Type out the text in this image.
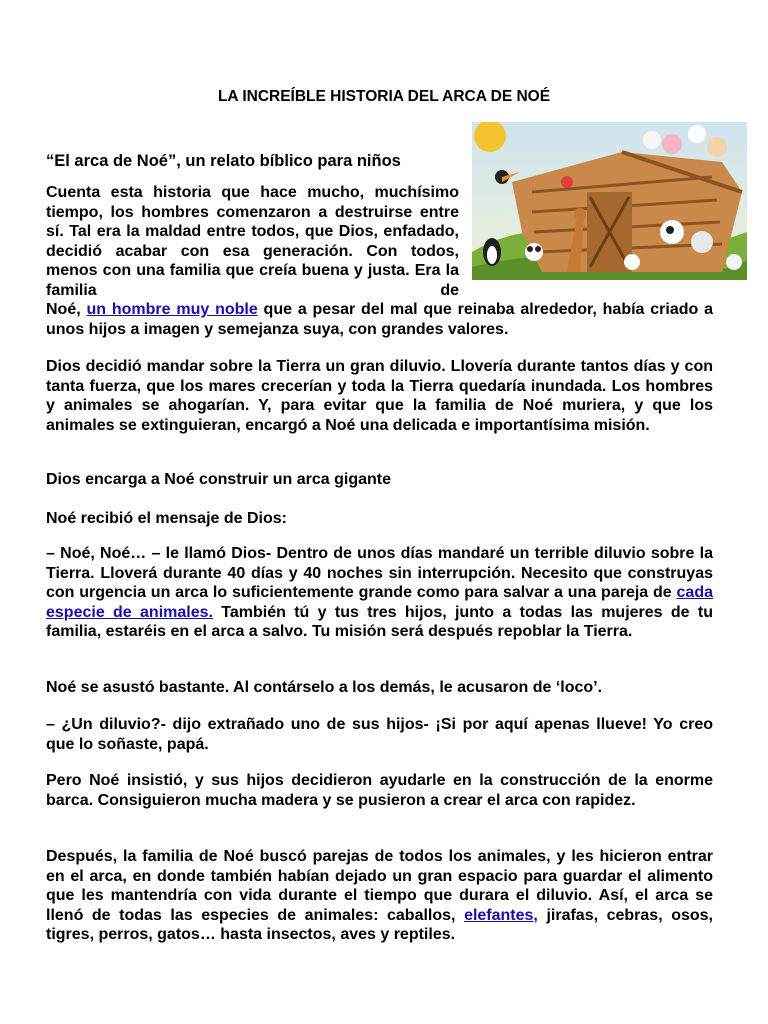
LA INCREÍBLE HISTORIA DEL ARCA DE NOÉ
“El arca de Noé”, un relato bíblico para niños

Cuenta esta historia que hace mucho, muchísimo tiempo, los hombres comenzaron a destruirse entre sí. Tal era la maldad entre todos, que Dios, enfadado, decidió acabar con esa generación. Con todos, menos con una familia que creía buena y justa. Era la familia de

Noé, un hombre muy noble que a pesar del mal que reinaba alrededor, había criado a unos hijos a imagen y semejanza suya, con grandes valores.

Dios decidió mandar sobre la Tierra un gran diluvio. Llovería durante tantos días y con tanta fuerza, que los mares crecerían y toda la Tierra quedaría inundada. Los hombres y animales se ahogarían. Y, para evitar que la familia de Noé muriera, y que los animales se extinguieran, encargó a Noé una delicada e importantísima misión.

Dios encarga a Noé construir un arca gigante

Noé recibió el mensaje de Dios:

– Noé, Noé… – le llamó Dios- Dentro de unos días mandaré un terrible diluvio sobre la Tierra. Lloverá durante 40 días y 40 noches sin interrupción. Necesito que construyas con urgencia un arca lo suficientemente grande como para salvar a una pareja de cada especie de animales. También tú y tus tres hijos, junto a todas las mujeres de tu familia, estaréis en el arca a salvo. Tu misión será después repoblar la Tierra.

Noé se asustó bastante. Al contárselo a los demás, le acusaron de ‘loco’.

– ¿Un diluvio?- dijo extrañado uno de sus hijos- ¡Si por aquí apenas llueve! Yo creo que lo soñaste, papá.

Pero Noé insistió, y sus hijos decidieron ayudarle en la construcción de la enorme barca. Consiguieron mucha madera y se pusieron a crear el arca con rapidez.

Después, la familia de Noé buscó parejas de todos los animales, y les hicieron entrar en el arca, en donde también habían dejado un gran espacio para guardar el alimento que les mantendría con vida durante el tiempo que durara el diluvio. Así, el arca se llenó de todas las especies de animales: caballos, elefantes, jirafas, cebras, osos, tigres, perros, gatos… hasta insectos, aves y reptiles.
